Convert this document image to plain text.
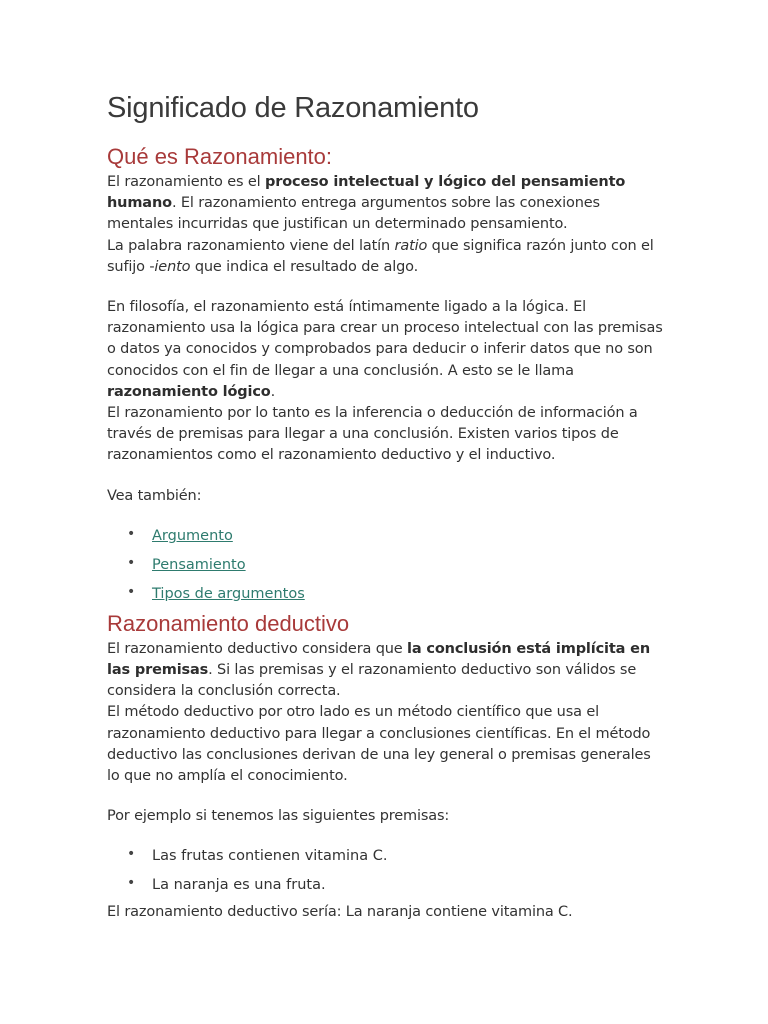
Significado de Razonamiento
Qué es Razonamiento:

El razonamiento es el proceso intelectual y lógico del pensamiento humano. El razonamiento entrega argumentos sobre las conexiones mentales incurridas que justifican un determinado pensamiento.

La palabra razonamiento viene del latín ratio que significa razón junto con el sufijo -iento que indica el resultado de algo.

En filosofía, el razonamiento está íntimamente ligado a la lógica. El razonamiento usa la lógica para crear un proceso intelectual con las premisas o datos ya conocidos y comprobados para deducir o inferir datos que no son conocidos con el fin de llegar a una conclusión. A esto se le llama razonamiento lógico.

El razonamiento por lo tanto es la inferencia o deducción de información a través de premisas para llegar a una conclusión. Existen varios tipos de razonamientos como el razonamiento deductivo y el inductivo.

Vea también:

• Argumento
• Pensamiento
• Tipos de argumentos
Razonamiento deductivo

El razonamiento deductivo considera que la conclusión está implícita en las premisas. Si las premisas y el razonamiento deductivo son válidos se considera la conclusión correcta.

El método deductivo por otro lado es un método científico que usa el razonamiento deductivo para llegar a conclusiones científicas. En el método deductivo las conclusiones derivan de una ley general o premisas generales lo que no amplía el conocimiento.

Por ejemplo si tenemos las siguientes premisas:

• Las frutas contienen vitamina C.
• La naranja es una fruta.

El razonamiento deductivo sería: La naranja contiene vitamina C.
